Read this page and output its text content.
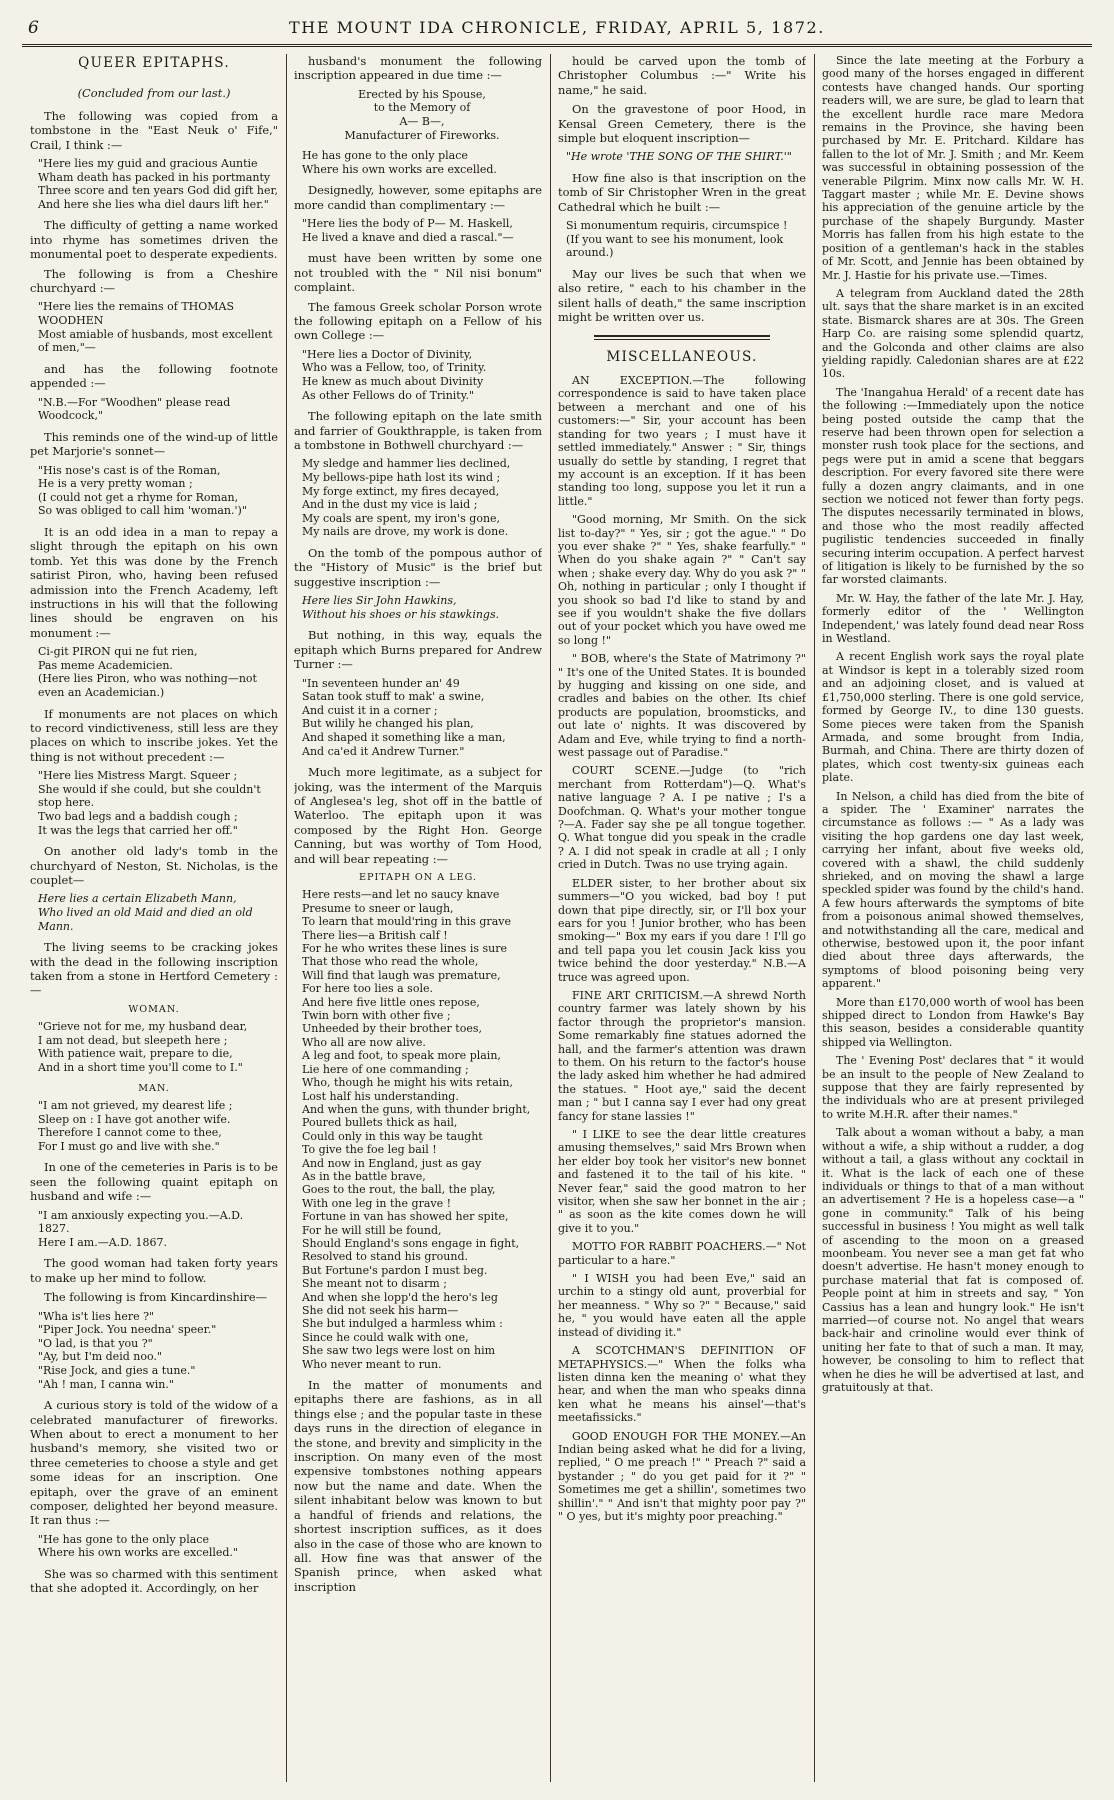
6	THE MOUNT IDA CHRONICLE, FRIDAY, APRIL 5, 1872.
QUEER EPITAPHS.
(Concluded from our last.)

The following was copied from a tombstone in the "East Neuk o' Fife," Crail, I think :—

"Here lies my guid and gracious Auntie
Wham death has packed in his portmanty
Three score and ten years God did gift her,
And here she lies wha diel daurs lift her."

The difficulty of getting a name worked into rhyme has sometimes driven the monumental poet to desperate expedients.

The following is from a Cheshire churchyard :—

"Here lies the remains of THOMAS WOODHEN
Most amiable of husbands, most excellent of men,"—

and has the following footnote appended :—

"N.B.—For "Woodhen" please read Woodcock,"

This reminds one of the wind-up of little pet Marjorie's sonnet—

"His nose's cast is of the Roman,
He is a very pretty woman ;
(I could not get a rhyme for Roman,
So was obliged to call him 'woman.')"

It is an odd idea in a man to repay a slight through the epitaph on his own tomb. Yet this was done by the French satirist Piron, who, having been refused admission into the French Academy, left instructions in his will that the following lines should be engraven on his monument :—

Ci-git PIRON qui ne fut rien,
Pas meme Academicien.
(Here lies Piron, who was nothing—not even an Academician.)

If monuments are not places on which to record vindictiveness, still less are they places on which to inscribe jokes. Yet the thing is not without precedent :—

"Here lies Mistress Margt. Squeer ;
She would if she could, but she couldn't stop here.
Two bad legs and a baddish cough ;
It was the legs that carried her off."

On another old lady's tomb in the churchyard of Neston, St. Nicholas, is the couplet—

Here lies a certain Elizabeth Mann,
Who lived an old Maid and died an old Mann.

The living seems to be cracking jokes with the dead in the following inscription taken from a stone in Hertford Cemetery :—

WOMAN.
"Grieve not for me, my husband dear,
I am not dead, but sleepeth here ;
With patience wait, prepare to die,
And in a short time you'll come to I."
MAN.
"I am not grieved, my dearest life ;
Sleep on : I have got another wife.
Therefore I cannot come to thee,
For I must go and live with she."

In one of the cemeteries in Paris is to be seen the following quaint epitaph on husband and wife :—

"I am anxiously expecting you.—A.D. 1827.
Here I am.—A.D. 1867.

The good woman had taken forty years to make up her mind to follow.

The following is from Kincardinshire—

"Wha is't lies here ?"
"Piper Jock. You needna' speer."
"O lad, is that you ?"
"Ay, but I'm deid noo."
"Rise Jock, and gies a tune."
"Ah ! man, I canna win."

A curious story is told of the widow of a celebrated manufacturer of fireworks. When about to erect a monument to her husband's memory, she visited two or three cemeteries to choose a style and get some ideas for an inscription. One epitaph, over the grave of an eminent composer, delighted her beyond measure. It ran thus :—

"He has gone to the only place
Where his own works are excelled."

She was so charmed with this sentiment that she adopted it. Accordingly, on her

husband's monument the following inscription appeared in due time :—

Erected by his Spouse,
to the Memory of
A— B—,
Manufacturer of Fireworks.
He has gone to the only place
Where his own works are excelled.

Designedly, however, some epitaphs are more candid than complimentary :—

"Here lies the body of P— M. Haskell,
He lived a knave and died a rascal."—

must have been written by some one not troubled with the " Nil nisi bonum" complaint.

The famous Greek scholar Porson wrote the following epitaph on a Fellow of his own College :—

"Here lies a Doctor of Divinity,
Who was a Fellow, too, of Trinity.
He knew as much about Divinity
As other Fellows do of Trinity."

The following epitaph on the late smith and farrier of Goukthrapple, is taken from a tombstone in Bothwell churchyard :—

My sledge and hammer lies declined,
My bellows-pipe hath lost its wind ;
My forge extinct, my fires decayed,
And in the dust my vice is laid ;
My coals are spent, my iron's gone,
My nails are drove, my work is done.

On the tomb of the pompous author of the "History of Music" is the brief but suggestive inscription :—

Here lies Sir John Hawkins,
Without his shoes or his stawkings.

But nothing, in this way, equals the epitaph which Burns prepared for Andrew Turner :—

"In seventeen hunder an' 49
Satan took stuff to mak' a swine,
And cuist it in a corner ;
But wilily he changed his plan,
And shaped it something like a man,
And ca'ed it Andrew Turner."

Much more legitimate, as a subject for joking, was the interment of the Marquis of Anglesea's leg, shot off in the battle of Waterloo. The epitaph upon it was composed by the Right Hon. George Canning, but was worthy of Tom Hood, and will bear repeating :—

EPITAPH ON A LEG.
Here rests—and let no saucy knave
Presume to sneer or laugh,
To learn that mould'ring in this grave
There lies—a British calf !
For he who writes these lines is sure
That those who read the whole,
Will find that laugh was premature,
For here too lies a sole.
And here five little ones repose,
Twin born with other five ;
Unheeded by their brother toes,
Who all are now alive.
A leg and foot, to speak more plain,
Lie here of one commanding ;
Who, though he might his wits retain,
Lost half his understanding.
And when the guns, with thunder bright,
Poured bullets thick as hail,
Could only in this way be taught
To give the foe leg bail !
And now in England, just as gay
As in the battle brave,
Goes to the rout, the ball, the play,
With one leg in the grave !
Fortune in van has showed her spite,
For he will still be found,
Should England's sons engage in fight,
Resolved to stand his ground.
But Fortune's pardon I must beg.
She meant not to disarm ;
And when she lopp'd the hero's leg
She did not seek his harm—
She but indulged a harmless whim :
Since he could walk with one,
She saw two legs were lost on him
Who never meant to run.

In the matter of monuments and epitaphs there are fashions, as in all things else ; and the popular taste in these days runs in the direction of elegance in the stone, and brevity and simplicity in the inscription. On many even of the most expensive tombstones nothing appears now but the name and date. When the silent inhabitant below was known to but a handful of friends and relations, the shortest inscription suffices, as it does also in the case of those who are known to all. How fine was that answer of the Spanish prince, when asked what inscription

hould be carved upon the tomb of Christopher Columbus :—" Write his name," he said.

On the gravestone of poor Hood, in Kensal Green Cemetery, there is the simple but eloquent inscription—

"He wrote 'THE SONG OF THE SHIRT.'"

How fine also is that inscription on the tomb of Sir Christopher Wren in the great Cathedral which he built :—

Si monumentum requiris, circumspice !
(If you want to see his monument, look around.)

May our lives be such that when we also retire, " each to his chamber in the silent halls of death," the same inscription might be written over us.

MISCELLANEOUS.

AN EXCEPTION.—The following correspondence is said to have taken place between a merchant and one of his customers:—" Sir, your account has been standing for two years ; I must have it settled immediately." Answer : " Sir, things usually do settle by standing, I regret that my account is an exception. If it has been standing too long, suppose you let it run a little."

"Good morning, Mr Smith. On the sick list to-day?" " Yes, sir ; got the ague." " Do you ever shake ?" " Yes, shake fearfully." " When do you shake again ?" " Can't say when ; shake every day. Why do you ask ?" " Oh, nothing in particular ; only I thought if you shook so bad I'd like to stand by and see if you wouldn't shake the five dollars out of your pocket which you have owed me so long !"

" BOB, where's the State of Matrimony ?" " It's one of the United States. It is bounded by hugging and kissing on one side, and cradles and babies on the other. Its chief products are population, broomsticks, and out late o' nights. It was discovered by Adam and Eve, while trying to find a north-west passage out of Paradise."

COURT SCENE.—Judge (to "rich merchant from Rotterdam")—Q. What's native language ? A. I pe native ; I's a Doofchman. Q. What's your mother tongue ?—A. Fader say she pe all tongue together. Q. What tongue did you speak in the cradle ? A. I did not speak in cradle at all ; I only cried in Dutch. Twas no use trying again.

ELDER sister, to her brother about six summers—"O you wicked, bad boy ! put down that pipe directly, sir, or I'll box your ears for you ! Junior brother, who has been smoking—" Box my ears if you dare ! I'll go and tell papa you let cousin Jack kiss you twice behind the door yesterday." N.B.—A truce was agreed upon.

FINE ART CRITICISM.—A shrewd North country farmer was lately shown by his factor through the proprietor's mansion. Some remarkably fine statues adorned the hall, and the farmer's attention was drawn to them. On his return to the factor's house the lady asked him whether he had admired the statues. " Hoot aye," said the decent man ; " but I canna say I ever had ony great fancy for stane lassies !"

" I LIKE to see the dear little creatures amusing themselves," said Mrs Brown when her elder boy took her visitor's new bonnet and fastened it to the tail of his kite. " Never fear," said the good matron to her visitor, when she saw her bonnet in the air ; " as soon as the kite comes down he will give it to you."

MOTTO FOR RABBIT POACHERS.—" Not particular to a hare."

" I WISH you had been Eve," said an urchin to a stingy old aunt, proverbial for her meanness. " Why so ?" " Because," said he, " you would have eaten all the apple instead of dividing it."

A SCOTCHMAN'S DEFINITION OF METAPHYSICS.—" When the folks wha listen dinna ken the meaning o' what they hear, and when the man who speaks dinna ken what he means his ainsel'—that's meetafissicks."

GOOD ENOUGH FOR THE MONEY.—An Indian being asked what he did for a living, replied, " O me preach !" " Preach ?" said a bystander ; " do you get paid for it ?" " Sometimes me get a shillin', sometimes two shillin'." " And isn't that mighty poor pay ?" " O yes, but it's mighty poor preaching."

Since the late meeting at the Forbury a good many of the horses engaged in different contests have changed hands. Our sporting readers will, we are sure, be glad to learn that the excellent hurdle race mare Medora remains in the Province, she having been purchased by Mr. E. Pritchard. Kildare has fallen to the lot of Mr. J. Smith ; and Mr. Keem was successful in obtaining possession of the venerable Pilgrim. Minx now calls Mr. W. H. Taggart master ; while Mr. E. Devine shows his appreciation of the genuine article by the purchase of the shapely Burgundy. Master Morris has fallen from his high estate to the position of a gentleman's hack in the stables of Mr. Scott, and Jennie has been obtained by Mr. J. Hastie for his private use.—Times.

A telegram from Auckland dated the 28th ult. says that the share market is in an excited state. Bismarck shares are at 30s. The Green Harp Co. are raising some splendid quartz, and the Golconda and other claims are also yielding rapidly. Caledonian shares are at £22 10s.

The 'Inangahua Herald' of a recent date has the following :—Immediately upon the notice being posted outside the camp that the reserve had been thrown open for selection a monster rush took place for the sections, and pegs were put in amid a scene that beggars description. For every favored site there were fully a dozen angry claimants, and in one section we noticed not fewer than forty pegs. The disputes necessarily terminated in blows, and those who the most readily affected pugilistic tendencies succeeded in finally securing interim occupation. A perfect harvest of litigation is likely to be furnished by the so far worsted claimants.

Mr. W. Hay, the father of the late Mr. J. Hay, formerly editor of the ' Wellington Independent,' was lately found dead near Ross in Westland.

A recent English work says the royal plate at Windsor is kept in a tolerably sized room and an adjoining closet, and is valued at £1,750,000 sterling. There is one gold service, formed by George IV., to dine 130 guests. Some pieces were taken from the Spanish Armada, and some brought from India, Burmah, and China. There are thirty dozen of plates, which cost twenty-six guineas each plate.

In Nelson, a child has died from the bite of a spider. The ' Examiner' narrates the circumstance as follows :— " As a lady was visiting the hop gardens one day last week, carrying her infant, about five weeks old, covered with a shawl, the child suddenly shrieked, and on moving the shawl a large speckled spider was found by the child's hand. A few hours afterwards the symptoms of bite from a poisonous animal showed themselves, and notwithstanding all the care, medical and otherwise, bestowed upon it, the poor infant died about three days afterwards, the symptoms of blood poisoning being very apparent."

More than £170,000 worth of wool has been shipped direct to London from Hawke's Bay this season, besides a considerable quantity shipped via Wellington.

The ' Evening Post' declares that " it would be an insult to the people of New Zealand to suppose that they are fairly represented by the individuals who are at present privileged to write M.H.R. after their names."

Talk about a woman without a baby, a man without a wife, a ship without a rudder, a dog without a tail, a glass without any cocktail in it. What is the lack of each one of these individuals or things to that of a man without an advertisement ? He is a hopeless case—a " gone in community." Talk of his being successful in business ! You might as well talk of ascending to the moon on a greased moonbeam. You never see a man get fat who doesn't advertise. He hasn't money enough to purchase material that fat is composed of. People point at him in streets and say, " Yon Cassius has a lean and hungry look." He isn't married—of course not. No angel that wears back-hair and crinoline would ever think of uniting her fate to that of such a man. It may, however, be consoling to him to reflect that when he dies he will be advertised at last, and gratuitously at that.
